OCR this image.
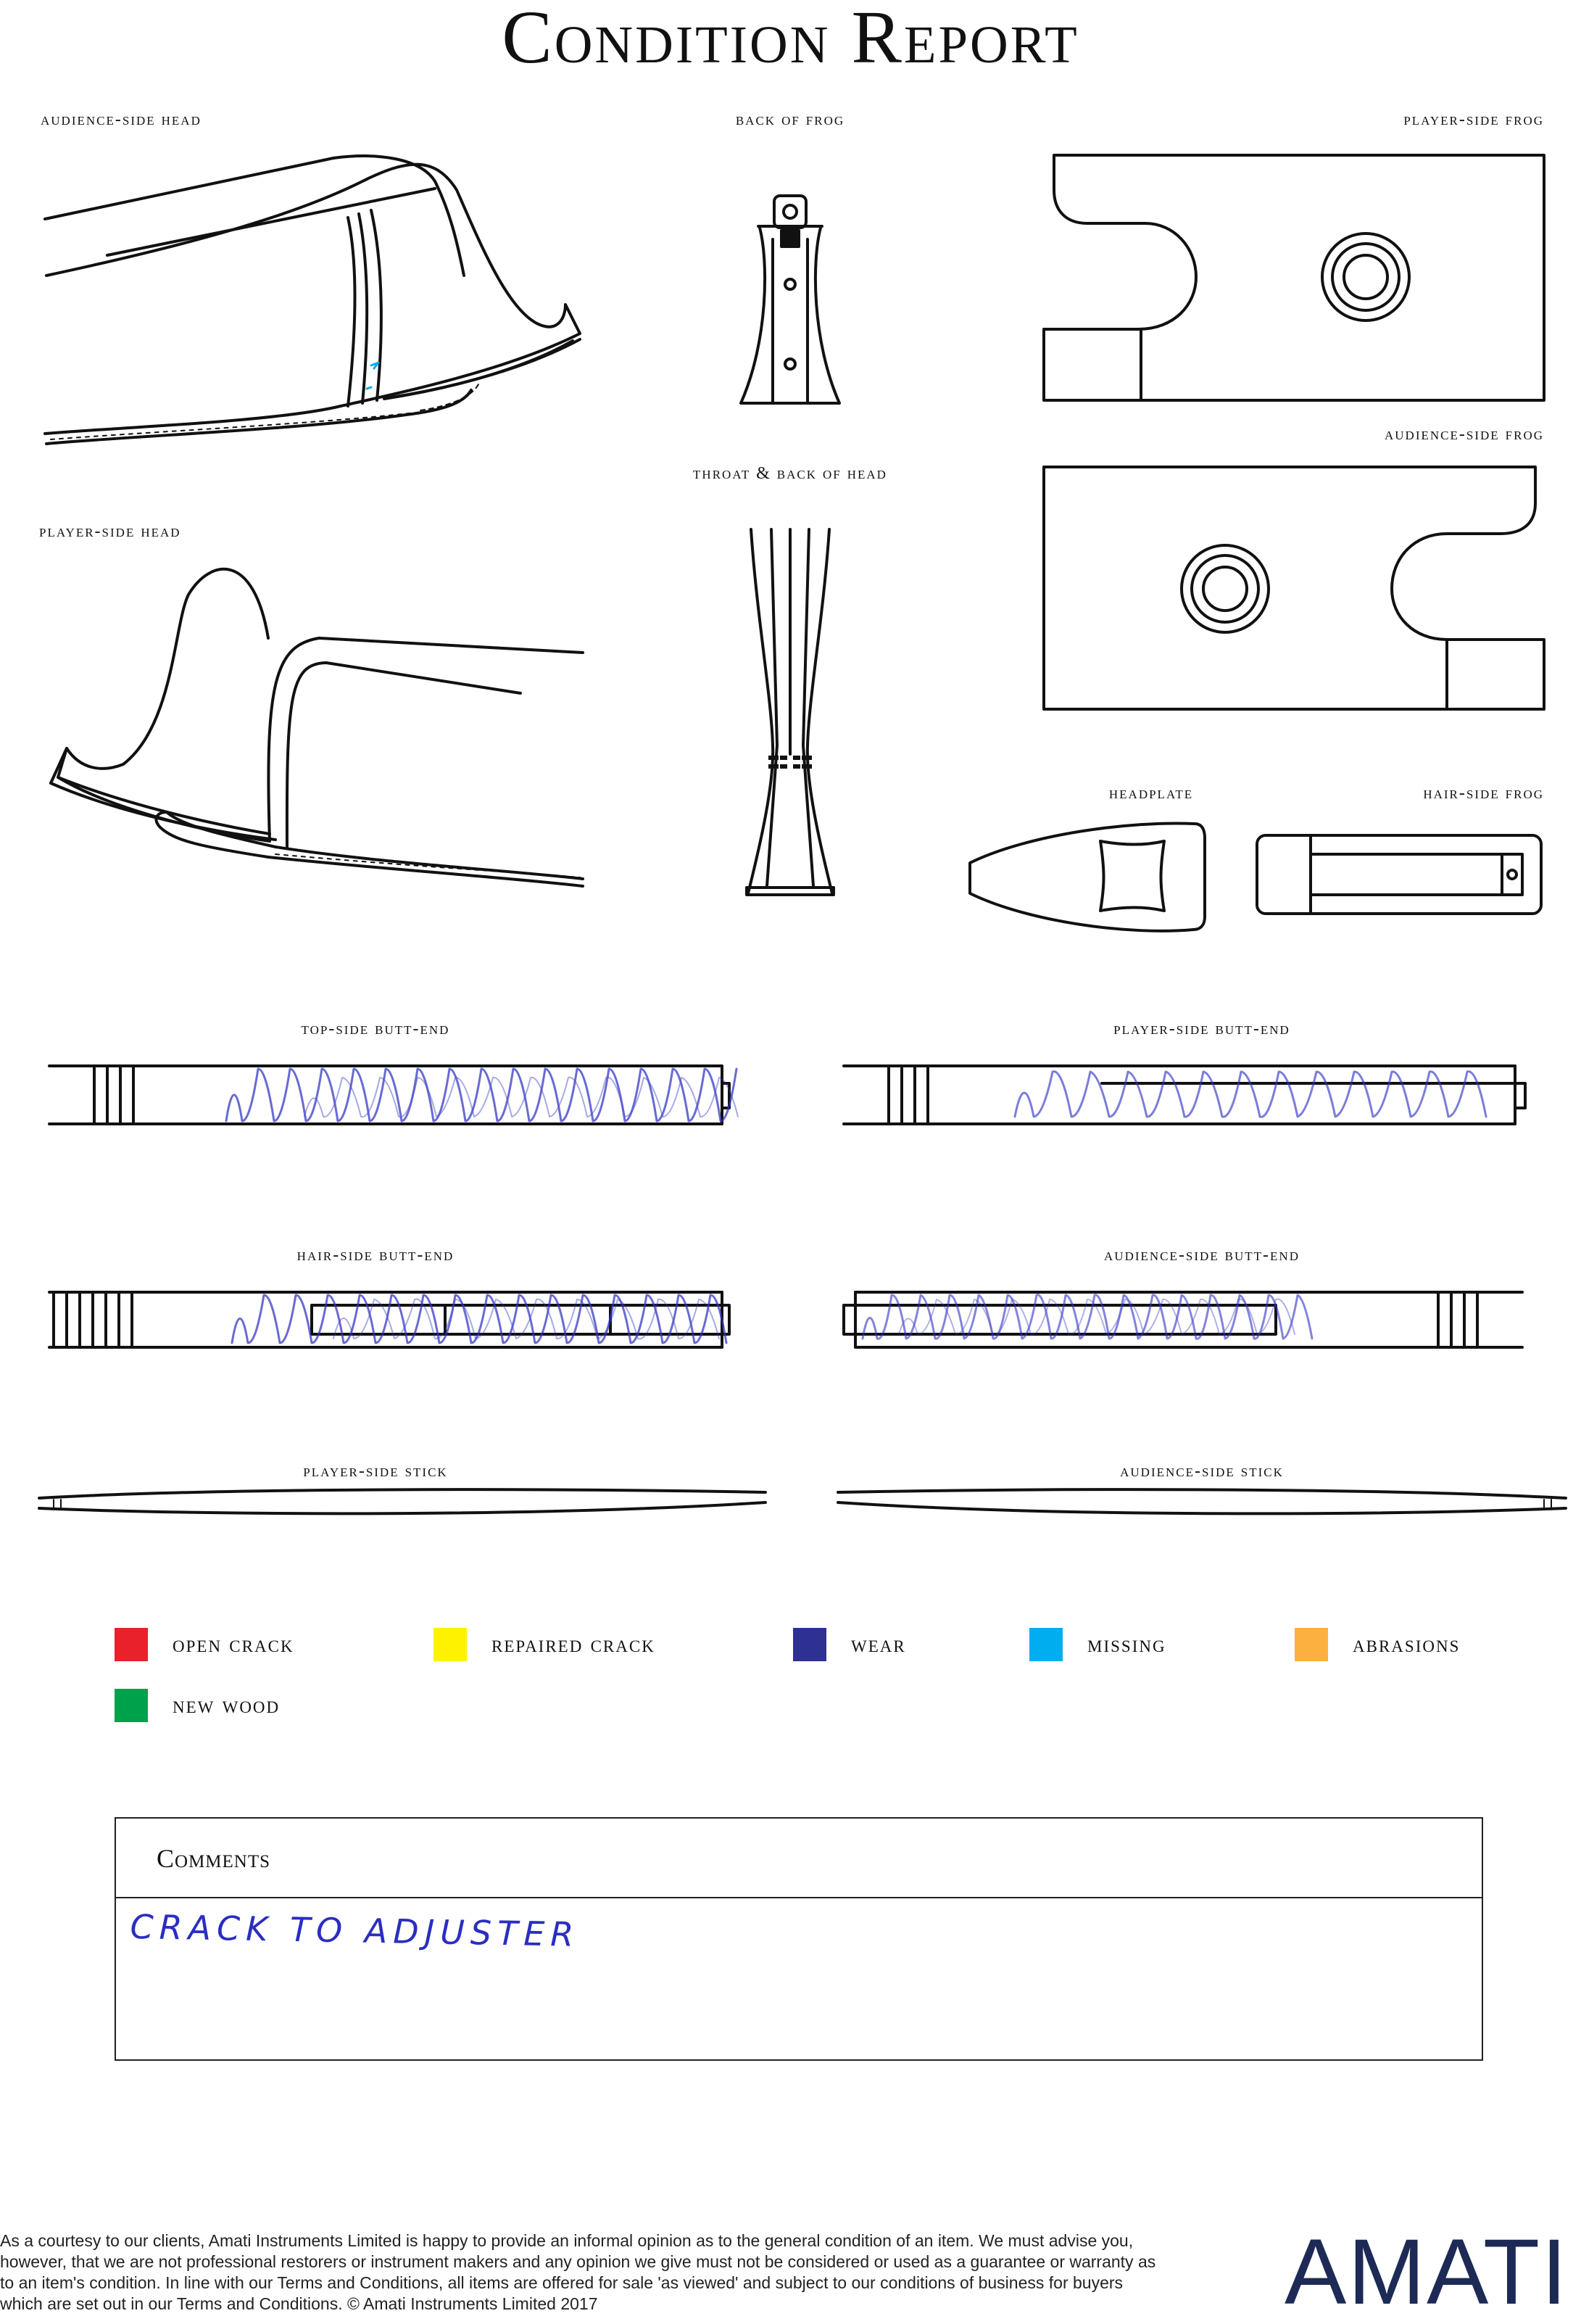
Condition Report
audience-side head	back of frog	player-side frog
audience-side frog
throat & back of head
player-side head
headplate	hair-side frog
top-side butt-end	player-side butt-end
hair-side butt-end	audience-side butt-end
player-side stick	audience-side stick
open crack	repaired crack	wear	missing	abrasions
new wood
Comments
CRACK TO ADJUSTER
As a courtesy to our clients, Amati Instruments Limited is happy to provide an informal opinion as to the general condition of an item. We must advise you, however, that we are not professional restorers or instrument makers and any opinion we give must not be considered or used as a guarantee or warranty as to an item's condition. In line with our Terms and Conditions, all items are offered for sale 'as viewed' and subject to our conditions of business for buyers which are set out in our Terms and Conditions. © Amati Instruments Limited 2017	AMATI
